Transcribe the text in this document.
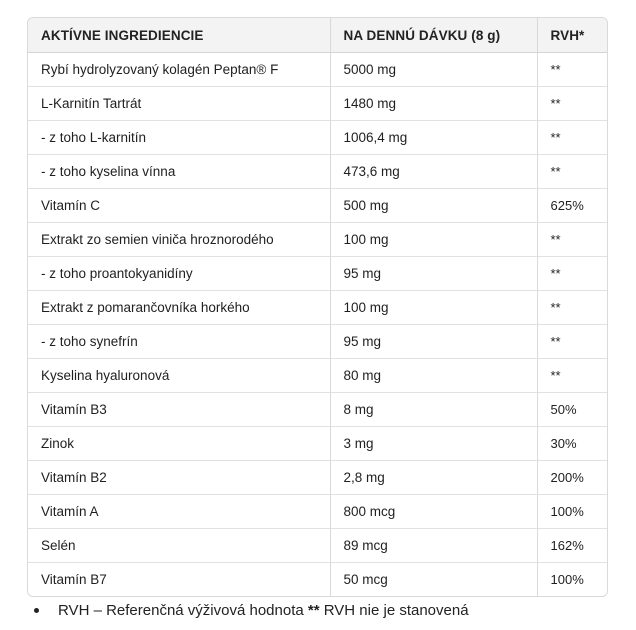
AKTÍVNE INGREDIENCIE	NA DENNÚ DÁVKU (8 g)	RVH*
Rybí hydrolyzovaný kolagén Peptan® F	5000 mg	**
L-Karnitín Tartrát	1480 mg	**
- z toho L-karnitín	1006,4 mg	**
- z toho kyselina vínna	473,6 mg	**
Vitamín C	500 mg	625%
Extrakt zo semien viniča hroznorodého	100 mg	**
- z toho proantokyanidíny	95 mg	**
Extrakt z pomarančovníka horkého	100 mg	**
- z toho synefrín	95 mg	**
Kyselina hyaluronová	80 mg	**
Vitamín B3	8 mg	50%
Zinok	3 mg	30%
Vitamín B2	2,8 mg	200%
Vitamín A	800 mcg	100%
Selén	89 mcg	162%
Vitamín B7	50 mcg	100%
RVH – Referenčná výživová hodnota ** RVH nie je stanovená
